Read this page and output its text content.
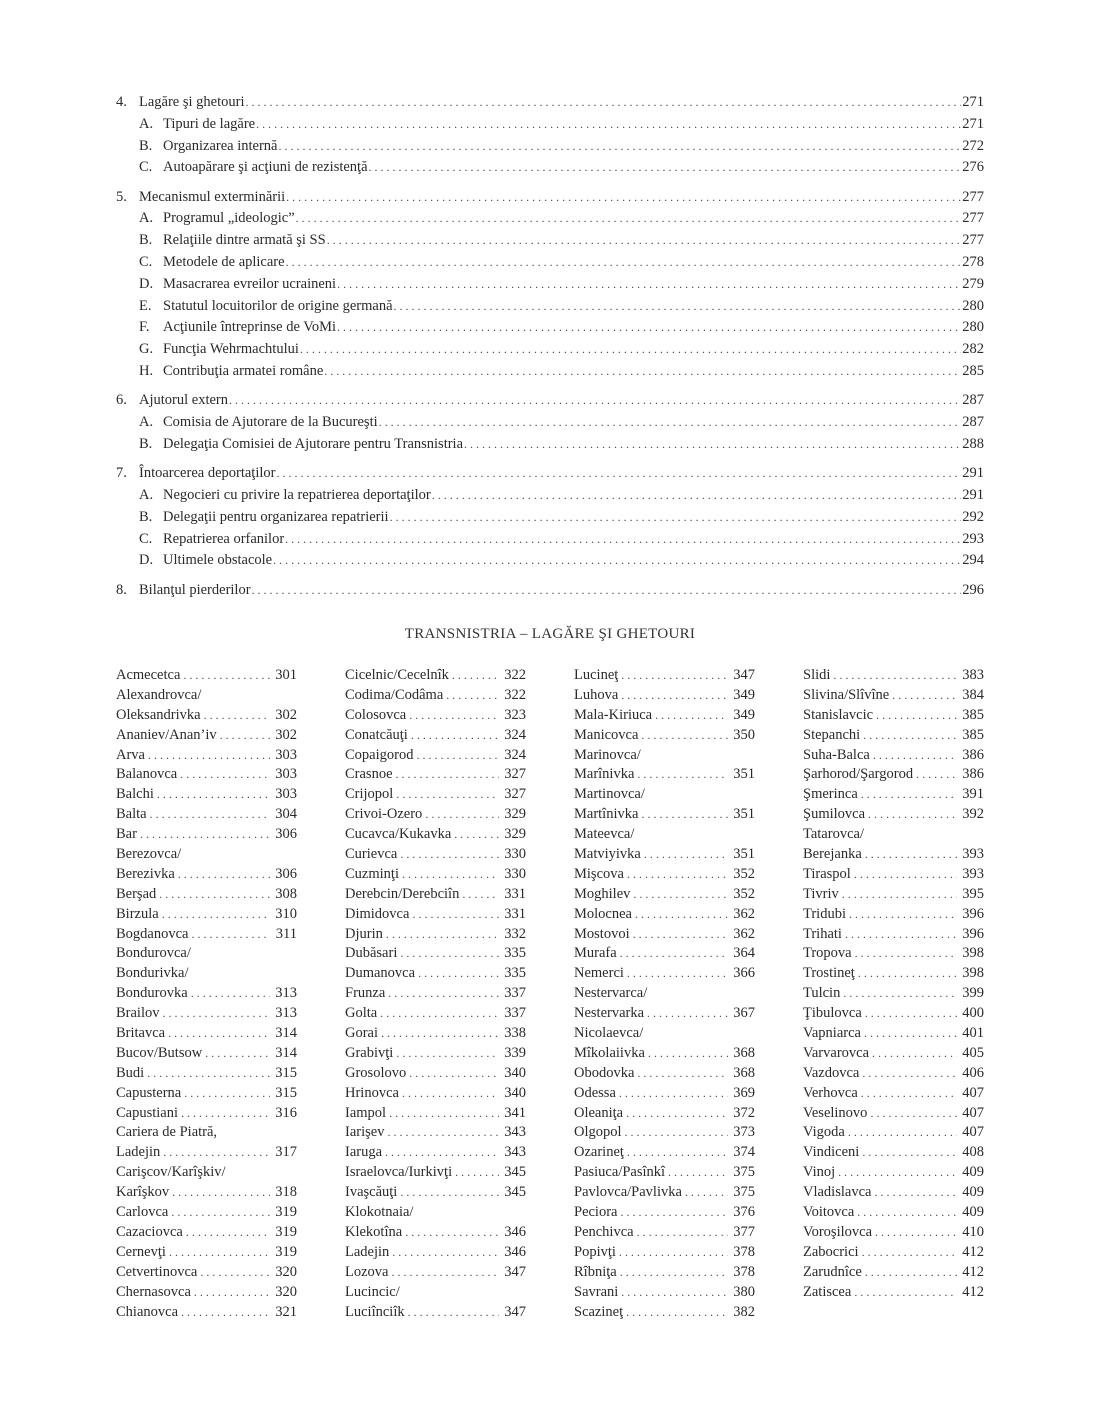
4. Lagăre şi ghetouri . . .	271
A. Tipuri de lagăre . . .	271
B. Organizarea internă . . .	272
C. Autoapărare şi acţiuni de rezistenţă . . .	276
5. Mecanismul exterminării . . .	277
A. Programul „ideologic” . . .	277
B. Relaţiile dintre armată şi SS . . .	277
C. Metodele de aplicare . . .	278
D. Masacrarea evreilor ucraineni . . .	279
E. Statutul locuitorilor de origine germană . . .	280
F. Acţiunile întreprinse de VoMi . . .	280
G. Funcţia Wehrmachtului . . .	282
H. Contribuţia armatei române . . .	285
6. Ajutorul extern . . .	287
A. Comisia de Ajutorare de la Bucureşti . . .	287
B. Delegaţia Comisiei de Ajutorare pentru Transnistria . . .	288
7. Întoarcerea deportaţilor . . .	291
A. Negocieri cu privire la repatrierea deportaţilor . . .	291
B. Delegaţii pentru organizarea repatrierii . . .	292
C. Repatrierea orfanilor . . .	293
D. Ultimele obstacole . . .	294
8. Bilanţul pierderilor . . .	296
TRANSNISTRIA – LAGĂRE ŞI GHETOURI
Acmecetca . . .	301
Alexandrovca/
Oleksandrivka . . .	302
Ananiev/Anan’iv . . .	302
Arva . . .	303
Balanovca . . .	303
Balchi . . .	303
Balta . . .	304
Bar . . .	306
Berezovca/
Berezivka . . .	306
Berşad . . .	308
Birzula . . .	310
Bogdanovca . . .	311
Bondurovca/
Bondurivka/
Bondurovka . . .	313
Brailov . . .	313
Britavca . . .	314
Bucov/Butsow . . .	314
Budi . . .	315
Capusterna . . .	315
Capustiani . . .	316
Cariera de Piatră,
Ladejin . . .	317
Carişcov/Karîşkiv/
Karîşkov . . .	318
Carlovca . . .	319
Cazaciovca . . .	319
Cernevţi . . .	319
Cetvertinovca . . .	320
Chernasovca . . .	320
Chianovca . . .	321
Cicelnic/Cecelnîk . . .	322
Codima/Codâma . . .	322
Colosovca . . .	323
Conatcăuţi . . .	324
Copaigorod . . .	324
Crasnoe . . .	327
Crijopol . . .	327
Crivoi-Ozero . . .	329
Cucavca/Kukavka . . .	329
Curievca . . .	330
Cuzminţi . . .	330
Derebcin/Derebciîn . . .	331
Dimidovca . . .	331
Djurin . . .	332
Dubăsari . . .	335
Dumanovca . . .	335
Frunza . . .	337
Golta . . .	337
Gorai . . .	338
Grabivţi . . .	339
Grosolovo . . .	340
Hrinovca . . .	340
Iampol . . .	341
Iarişev . . .	343
Iaruga . . .	343
Israelovca/Iurkivţi . . .	345
Ivaşcăuţi . . .	345
Klokotnaia/
Klekotîna . . .	346
Ladejin . . .	346
Lozova . . .	347
Lucincic/
Luciînciîk . . .	347
Lucineţ . . .	347
Luhova . . .	349
Mala-Kiriuca . . .	349
Manicovca . . .	350
Marinovca/
Marînivka . . .	351
Martinovca/
Martînivka . . .	351
Mateevca/
Matviyivka . . .	351
Mişcova . . .	352
Moghilev . . .	352
Molocnea . . .	362
Mostovoi . . .	362
Murafa . . .	364
Nemerci . . .	366
Nestervarca/
Nestervarka . . .	367
Nicolaevca/
Mîkolaiivka . . .	368
Obodovka . . .	368
Odessa . . .	369
Oleaniţa . . .	372
Olgopol . . .	373
Ozarineţ . . .	374
Pasiuca/Pasînkî . . .	375
Pavlovca/Pavlivka . . .	375
Peciora . . .	376
Penchivca . . .	377
Popivţi . . .	378
Rîbniţa . . .	378
Savrani . . .	380
Scazineţ . . .	382
Slidi . . .	383
Slivina/Slîvîne . . .	384
Stanislavcic . . .	385
Stepanchi . . .	385
Suha-Balca . . .	386
Şarhorod/Şargorod . . .	386
Şmerinca . . .	391
Şumilovca . . .	392
Tatarovca/
Berejanka . . .	393
Tiraspol . . .	393
Tivriv . . .	395
Tridubi . . .	396
Trihati . . .	396
Tropova . . .	398
Trostineţ . . .	398
Tulcin . . .	399
Ţibulovca . . .	400
Vapniarca . . .	401
Varvarovca . . .	405
Vazdovca . . .	406
Verhovca . . .	407
Veselinovo . . .	407
Vigoda . . .	407
Vindiceni . . .	408
Vinoj . . .	409
Vladislavca . . .	409
Voitovca . . .	409
Voroşilovca . . .	410
Zabocrici . . .	412
Zarudnîce . . .	412
Zatiscea . . .	412
